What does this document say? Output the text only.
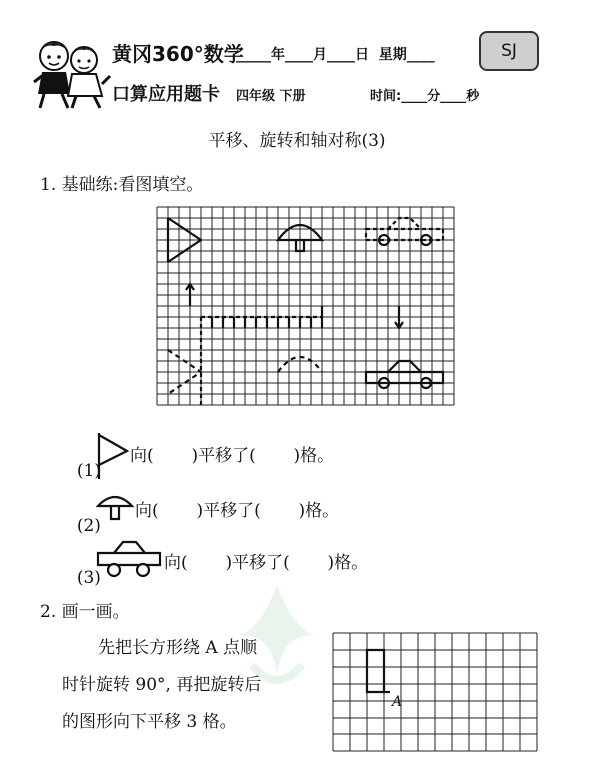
黄冈360°数学
口算应用题卡
_____年____月____日  星期____
四年级 下册	时间:____分____秒
SJ
平移、旋转和轴对称(3)
1. 基础练:看图填空。

(1)

向(       )平移了(       )格。

(2)

向(       )平移了(       )格。

(3)

向(       )平移了(       )格。
2. 画一画。
先把长方形绕 A 点顺
时针旋转 90°, 再把旋转后
的图形向下平移 3 格。
A
